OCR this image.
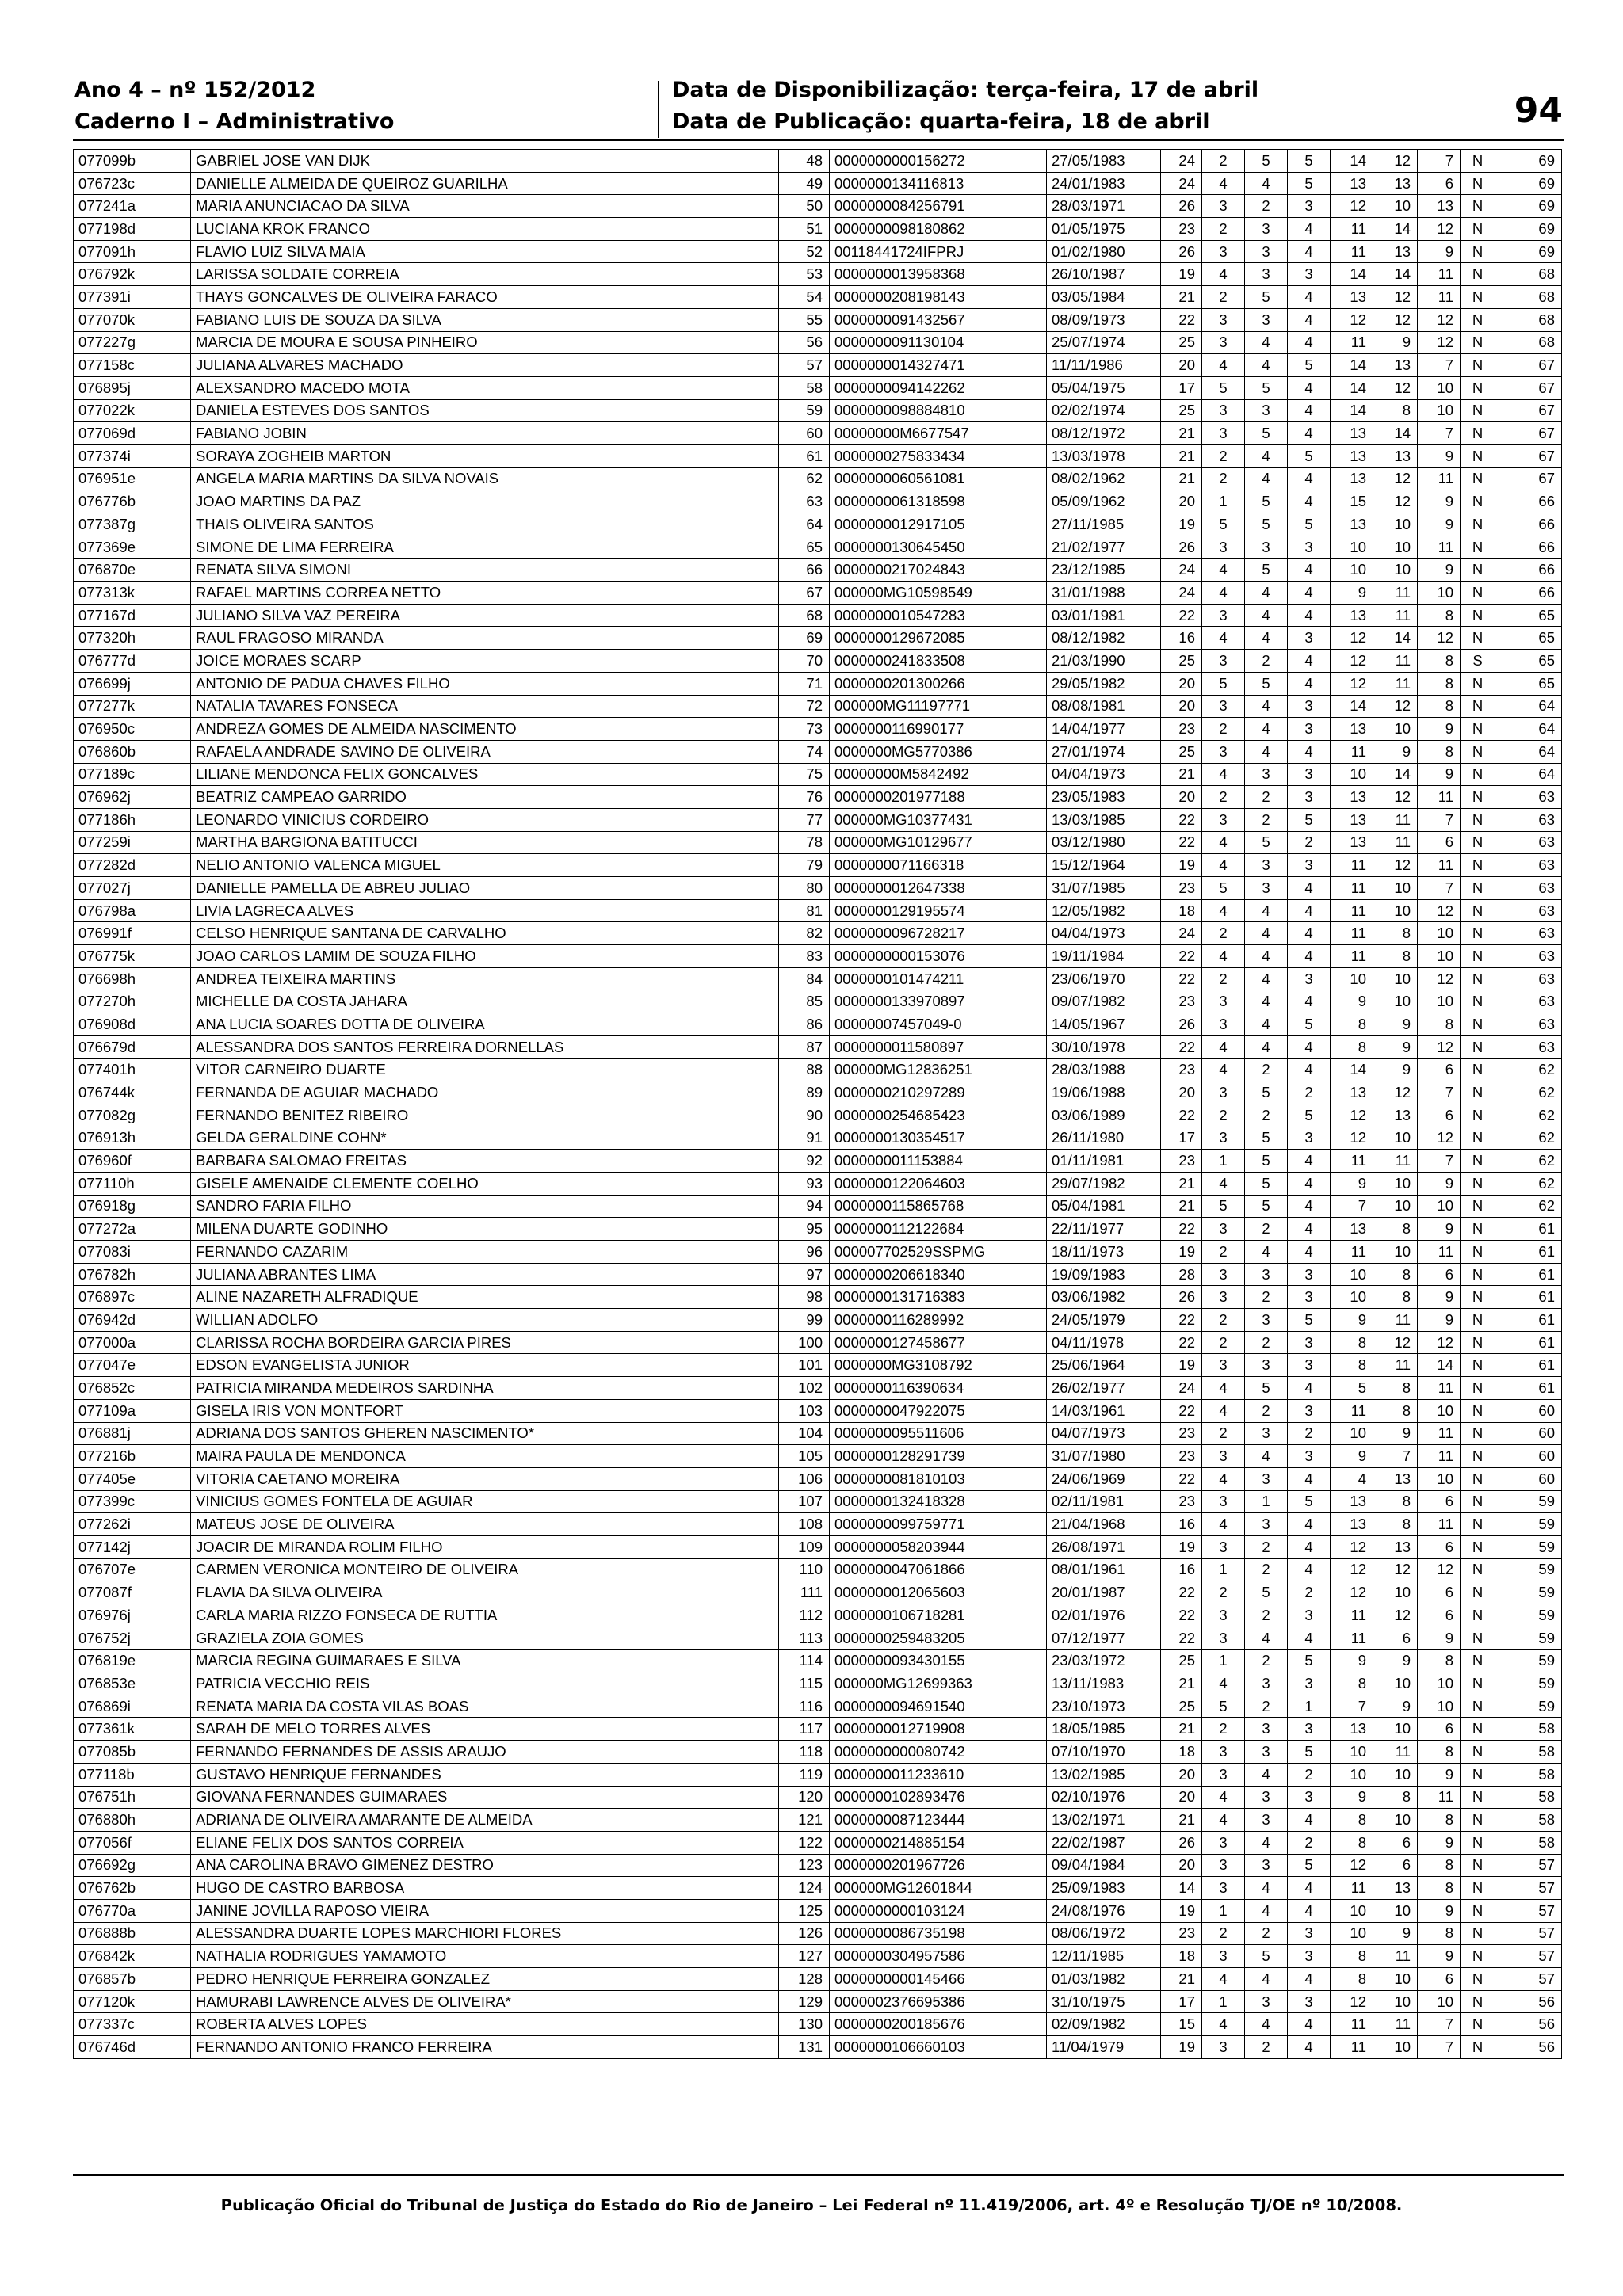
Ano 4 – nº 152/2012
Caderno I – Administrativo
Data de Disponibilização: terça-feira, 17 de abril
Data de Publicação: quarta-feira, 18 de abril	94
077099b	GABRIEL JOSE VAN DIJK	48	0000000000156272	27/05/1983	24	2	5	5	14	12	7	N	69
076723c	DANIELLE ALMEIDA DE QUEIROZ GUARILHA	49	0000000134116813	24/01/1983	24	4	4	5	13	13	6	N	69
077241a	MARIA ANUNCIACAO DA SILVA	50	0000000084256791	28/03/1971	26	3	2	3	12	10	13	N	69
077198d	LUCIANA KROK FRANCO	51	0000000098180862	01/05/1975	23	2	3	4	11	14	12	N	69
077091h	FLAVIO LUIZ SILVA MAIA	52	00118441724IFPRJ	01/02/1980	26	3	3	4	11	13	9	N	69
076792k	LARISSA SOLDATE CORREIA	53	0000000013958368	26/10/1987	19	4	3	3	14	14	11	N	68
077391i	THAYS GONCALVES DE OLIVEIRA FARACO	54	0000000208198143	03/05/1984	21	2	5	4	13	12	11	N	68
077070k	FABIANO LUIS DE SOUZA DA SILVA	55	0000000091432567	08/09/1973	22	3	3	4	12	12	12	N	68
077227g	MARCIA DE MOURA E SOUSA PINHEIRO	56	0000000091130104	25/07/1974	25	3	4	4	11	9	12	N	68
077158c	JULIANA ALVARES MACHADO	57	0000000014327471	11/11/1986	20	4	4	5	14	13	7	N	67
076895j	ALEXSANDRO MACEDO MOTA	58	0000000094142262	05/04/1975	17	5	5	4	14	12	10	N	67
077022k	DANIELA ESTEVES DOS SANTOS	59	0000000098884810	02/02/1974	25	3	3	4	14	8	10	N	67
077069d	FABIANO JOBIN	60	00000000M6677547	08/12/1972	21	3	5	4	13	14	7	N	67
077374i	SORAYA ZOGHEIB MARTON	61	0000000275833434	13/03/1978	21	2	4	5	13	13	9	N	67
076951e	ANGELA MARIA MARTINS DA SILVA NOVAIS	62	0000000060561081	08/02/1962	21	2	4	4	13	12	11	N	67
076776b	JOAO MARTINS DA PAZ	63	0000000061318598	05/09/1962	20	1	5	4	15	12	9	N	66
077387g	THAIS OLIVEIRA SANTOS	64	0000000012917105	27/11/1985	19	5	5	5	13	10	9	N	66
077369e	SIMONE DE LIMA FERREIRA	65	0000000130645450	21/02/1977	26	3	3	3	10	10	11	N	66
076870e	RENATA SILVA SIMONI	66	0000000217024843	23/12/1985	24	4	5	4	10	10	9	N	66
077313k	RAFAEL MARTINS CORREA NETTO	67	000000MG10598549	31/01/1988	24	4	4	4	9	11	10	N	66
077167d	JULIANO SILVA VAZ PEREIRA	68	0000000010547283	03/01/1981	22	3	4	4	13	11	8	N	65
077320h	RAUL FRAGOSO MIRANDA	69	0000000129672085	08/12/1982	16	4	4	3	12	14	12	N	65
076777d	JOICE MORAES SCARP	70	0000000241833508	21/03/1990	25	3	2	4	12	11	8	S	65
076699j	ANTONIO DE PADUA CHAVES FILHO	71	0000000201300266	29/05/1982	20	5	5	4	12	11	8	N	65
077277k	NATALIA TAVARES FONSECA	72	000000MG11197771	08/08/1981	20	3	4	3	14	12	8	N	64
076950c	ANDREZA GOMES DE ALMEIDA NASCIMENTO	73	0000000116990177	14/04/1977	23	2	4	3	13	10	9	N	64
076860b	RAFAELA ANDRADE SAVINO DE OLIVEIRA	74	0000000MG5770386	27/01/1974	25	3	4	4	11	9	8	N	64
077189c	LILIANE MENDONCA FELIX GONCALVES	75	00000000M5842492	04/04/1973	21	4	3	3	10	14	9	N	64
076962j	BEATRIZ CAMPEAO GARRIDO	76	0000000201977188	23/05/1983	20	2	2	3	13	12	11	N	63
077186h	LEONARDO VINICIUS CORDEIRO	77	000000MG10377431	13/03/1985	22	3	2	5	13	11	7	N	63
077259i	MARTHA BARGIONA BATITUCCI	78	000000MG10129677	03/12/1980	22	4	5	2	13	11	6	N	63
077282d	NELIO ANTONIO VALENCA MIGUEL	79	0000000071166318	15/12/1964	19	4	3	3	11	12	11	N	63
077027j	DANIELLE PAMELLA DE ABREU JULIAO	80	0000000012647338	31/07/1985	23	5	3	4	11	10	7	N	63
076798a	LIVIA LAGRECA ALVES	81	0000000129195574	12/05/1982	18	4	4	4	11	10	12	N	63
076991f	CELSO HENRIQUE SANTANA DE CARVALHO	82	0000000096728217	04/04/1973	24	2	4	4	11	8	10	N	63
076775k	JOAO CARLOS LAMIM DE SOUZA FILHO	83	0000000000153076	19/11/1984	22	4	4	4	11	8	10	N	63
076698h	ANDREA TEIXEIRA MARTINS	84	0000000101474211	23/06/1970	22	2	4	3	10	10	12	N	63
077270h	MICHELLE DA COSTA JAHARA	85	0000000133970897	09/07/1982	23	3	4	4	9	10	10	N	63
076908d	ANA LUCIA SOARES DOTTA DE OLIVEIRA	86	00000007457049-0	14/05/1967	26	3	4	5	8	9	8	N	63
076679d	ALESSANDRA DOS SANTOS FERREIRA DORNELLAS	87	0000000011580897	30/10/1978	22	4	4	4	8	9	12	N	63
077401h	VITOR CARNEIRO DUARTE	88	000000MG12836251	28/03/1988	23	4	2	4	14	9	6	N	62
076744k	FERNANDA DE AGUIAR MACHADO	89	0000000210297289	19/06/1988	20	3	5	2	13	12	7	N	62
077082g	FERNANDO BENITEZ RIBEIRO	90	0000000254685423	03/06/1989	22	2	2	5	12	13	6	N	62
076913h	GELDA GERALDINE COHN*	91	0000000130354517	26/11/1980	17	3	5	3	12	10	12	N	62
076960f	BARBARA SALOMAO FREITAS	92	0000000011153884	01/11/1981	23	1	5	4	11	11	7	N	62
077110h	GISELE AMENAIDE CLEMENTE COELHO	93	0000000122064603	29/07/1982	21	4	5	4	9	10	9	N	62
076918g	SANDRO FARIA FILHO	94	0000000115865768	05/04/1981	21	5	5	4	7	10	10	N	62
077272a	MILENA DUARTE GODINHO	95	0000000112122684	22/11/1977	22	3	2	4	13	8	9	N	61
077083i	FERNANDO CAZARIM	96	000007702529SSPMG	18/11/1973	19	2	4	4	11	10	11	N	61
076782h	JULIANA ABRANTES LIMA	97	0000000206618340	19/09/1983	28	3	3	3	10	8	6	N	61
076897c	ALINE NAZARETH ALFRADIQUE	98	0000000131716383	03/06/1982	26	3	2	3	10	8	9	N	61
076942d	WILLIAN ADOLFO	99	0000000116289992	24/05/1979	22	2	3	5	9	11	9	N	61
077000a	CLARISSA ROCHA BORDEIRA GARCIA PIRES	100	0000000127458677	04/11/1978	22	2	2	3	8	12	12	N	61
077047e	EDSON EVANGELISTA JUNIOR	101	0000000MG3108792	25/06/1964	19	3	3	3	8	11	14	N	61
076852c	PATRICIA MIRANDA MEDEIROS SARDINHA	102	0000000116390634	26/02/1977	24	4	5	4	5	8	11	N	61
077109a	GISELA IRIS VON MONTFORT	103	0000000047922075	14/03/1961	22	4	2	3	11	8	10	N	60
076881j	ADRIANA DOS SANTOS GHEREN NASCIMENTO*	104	0000000095511606	04/07/1973	23	2	3	2	10	9	11	N	60
077216b	MAIRA PAULA DE MENDONCA	105	0000000128291739	31/07/1980	23	3	4	3	9	7	11	N	60
077405e	VITORIA CAETANO MOREIRA	106	0000000081810103	24/06/1969	22	4	3	4	4	13	10	N	60
077399c	VINICIUS GOMES FONTELA DE AGUIAR	107	0000000132418328	02/11/1981	23	3	1	5	13	8	6	N	59
077262i	MATEUS JOSE DE OLIVEIRA	108	0000000099759771	21/04/1968	16	4	3	4	13	8	11	N	59
077142j	JOACIR DE MIRANDA ROLIM FILHO	109	0000000058203944	26/08/1971	19	3	2	4	12	13	6	N	59
076707e	CARMEN VERONICA MONTEIRO DE OLIVEIRA	110	0000000047061866	08/01/1961	16	1	2	4	12	12	12	N	59
077087f	FLAVIA DA SILVA OLIVEIRA	111	0000000012065603	20/01/1987	22	2	5	2	12	10	6	N	59
076976j	CARLA MARIA RIZZO FONSECA DE RUTTIA	112	0000000106718281	02/01/1976	22	3	2	3	11	12	6	N	59
076752j	GRAZIELA ZOIA GOMES	113	0000000259483205	07/12/1977	22	3	4	4	11	6	9	N	59
076819e	MARCIA REGINA GUIMARAES E SILVA	114	0000000093430155	23/03/1972	25	1	2	5	9	9	8	N	59
076853e	PATRICIA VECCHIO REIS	115	000000MG12699363	13/11/1983	21	4	3	3	8	10	10	N	59
076869i	RENATA MARIA DA COSTA VILAS BOAS	116	0000000094691540	23/10/1973	25	5	2	1	7	9	10	N	59
077361k	SARAH DE MELO TORRES ALVES	117	0000000012719908	18/05/1985	21	2	3	3	13	10	6	N	58
077085b	FERNANDO FERNANDES DE ASSIS ARAUJO	118	0000000000080742	07/10/1970	18	3	3	5	10	11	8	N	58
077118b	GUSTAVO HENRIQUE FERNANDES	119	0000000011233610	13/02/1985	20	3	4	2	10	10	9	N	58
076751h	GIOVANA FERNANDES GUIMARAES	120	0000000102893476	02/10/1976	20	4	3	3	9	8	11	N	58
076880h	ADRIANA DE OLIVEIRA AMARANTE DE ALMEIDA	121	0000000087123444	13/02/1971	21	4	3	4	8	10	8	N	58
077056f	ELIANE FELIX DOS SANTOS CORREIA	122	0000000214885154	22/02/1987	26	3	4	2	8	6	9	N	58
076692g	ANA CAROLINA BRAVO GIMENEZ DESTRO	123	0000000201967726	09/04/1984	20	3	3	5	12	6	8	N	57
076762b	HUGO DE CASTRO BARBOSA	124	000000MG12601844	25/09/1983	14	3	4	4	11	13	8	N	57
076770a	JANINE JOVILLA RAPOSO VIEIRA	125	0000000000103124	24/08/1976	19	1	4	4	10	10	9	N	57
076888b	ALESSANDRA DUARTE LOPES MARCHIORI FLORES	126	0000000086735198	08/06/1972	23	2	2	3	10	9	8	N	57
076842k	NATHALIA RODRIGUES YAMAMOTO	127	0000000304957586	12/11/1985	18	3	5	3	8	11	9	N	57
076857b	PEDRO HENRIQUE FERREIRA GONZALEZ	128	0000000000145466	01/03/1982	21	4	4	4	8	10	6	N	57
077120k	HAMURABI LAWRENCE ALVES DE OLIVEIRA*	129	0000002376695386	31/10/1975	17	1	3	3	12	10	10	N	56
077337c	ROBERTA ALVES LOPES	130	0000000200185676	02/09/1982	15	4	4	4	11	11	7	N	56
076746d	FERNANDO ANTONIO FRANCO FERREIRA	131	0000000106660103	11/04/1979	19	3	2	4	11	10	7	N	56
Publicação Oficial do Tribunal de Justiça do Estado do Rio de Janeiro – Lei Federal nº 11.419/2006, art. 4º e Resolução TJ/OE nº 10/2008.
